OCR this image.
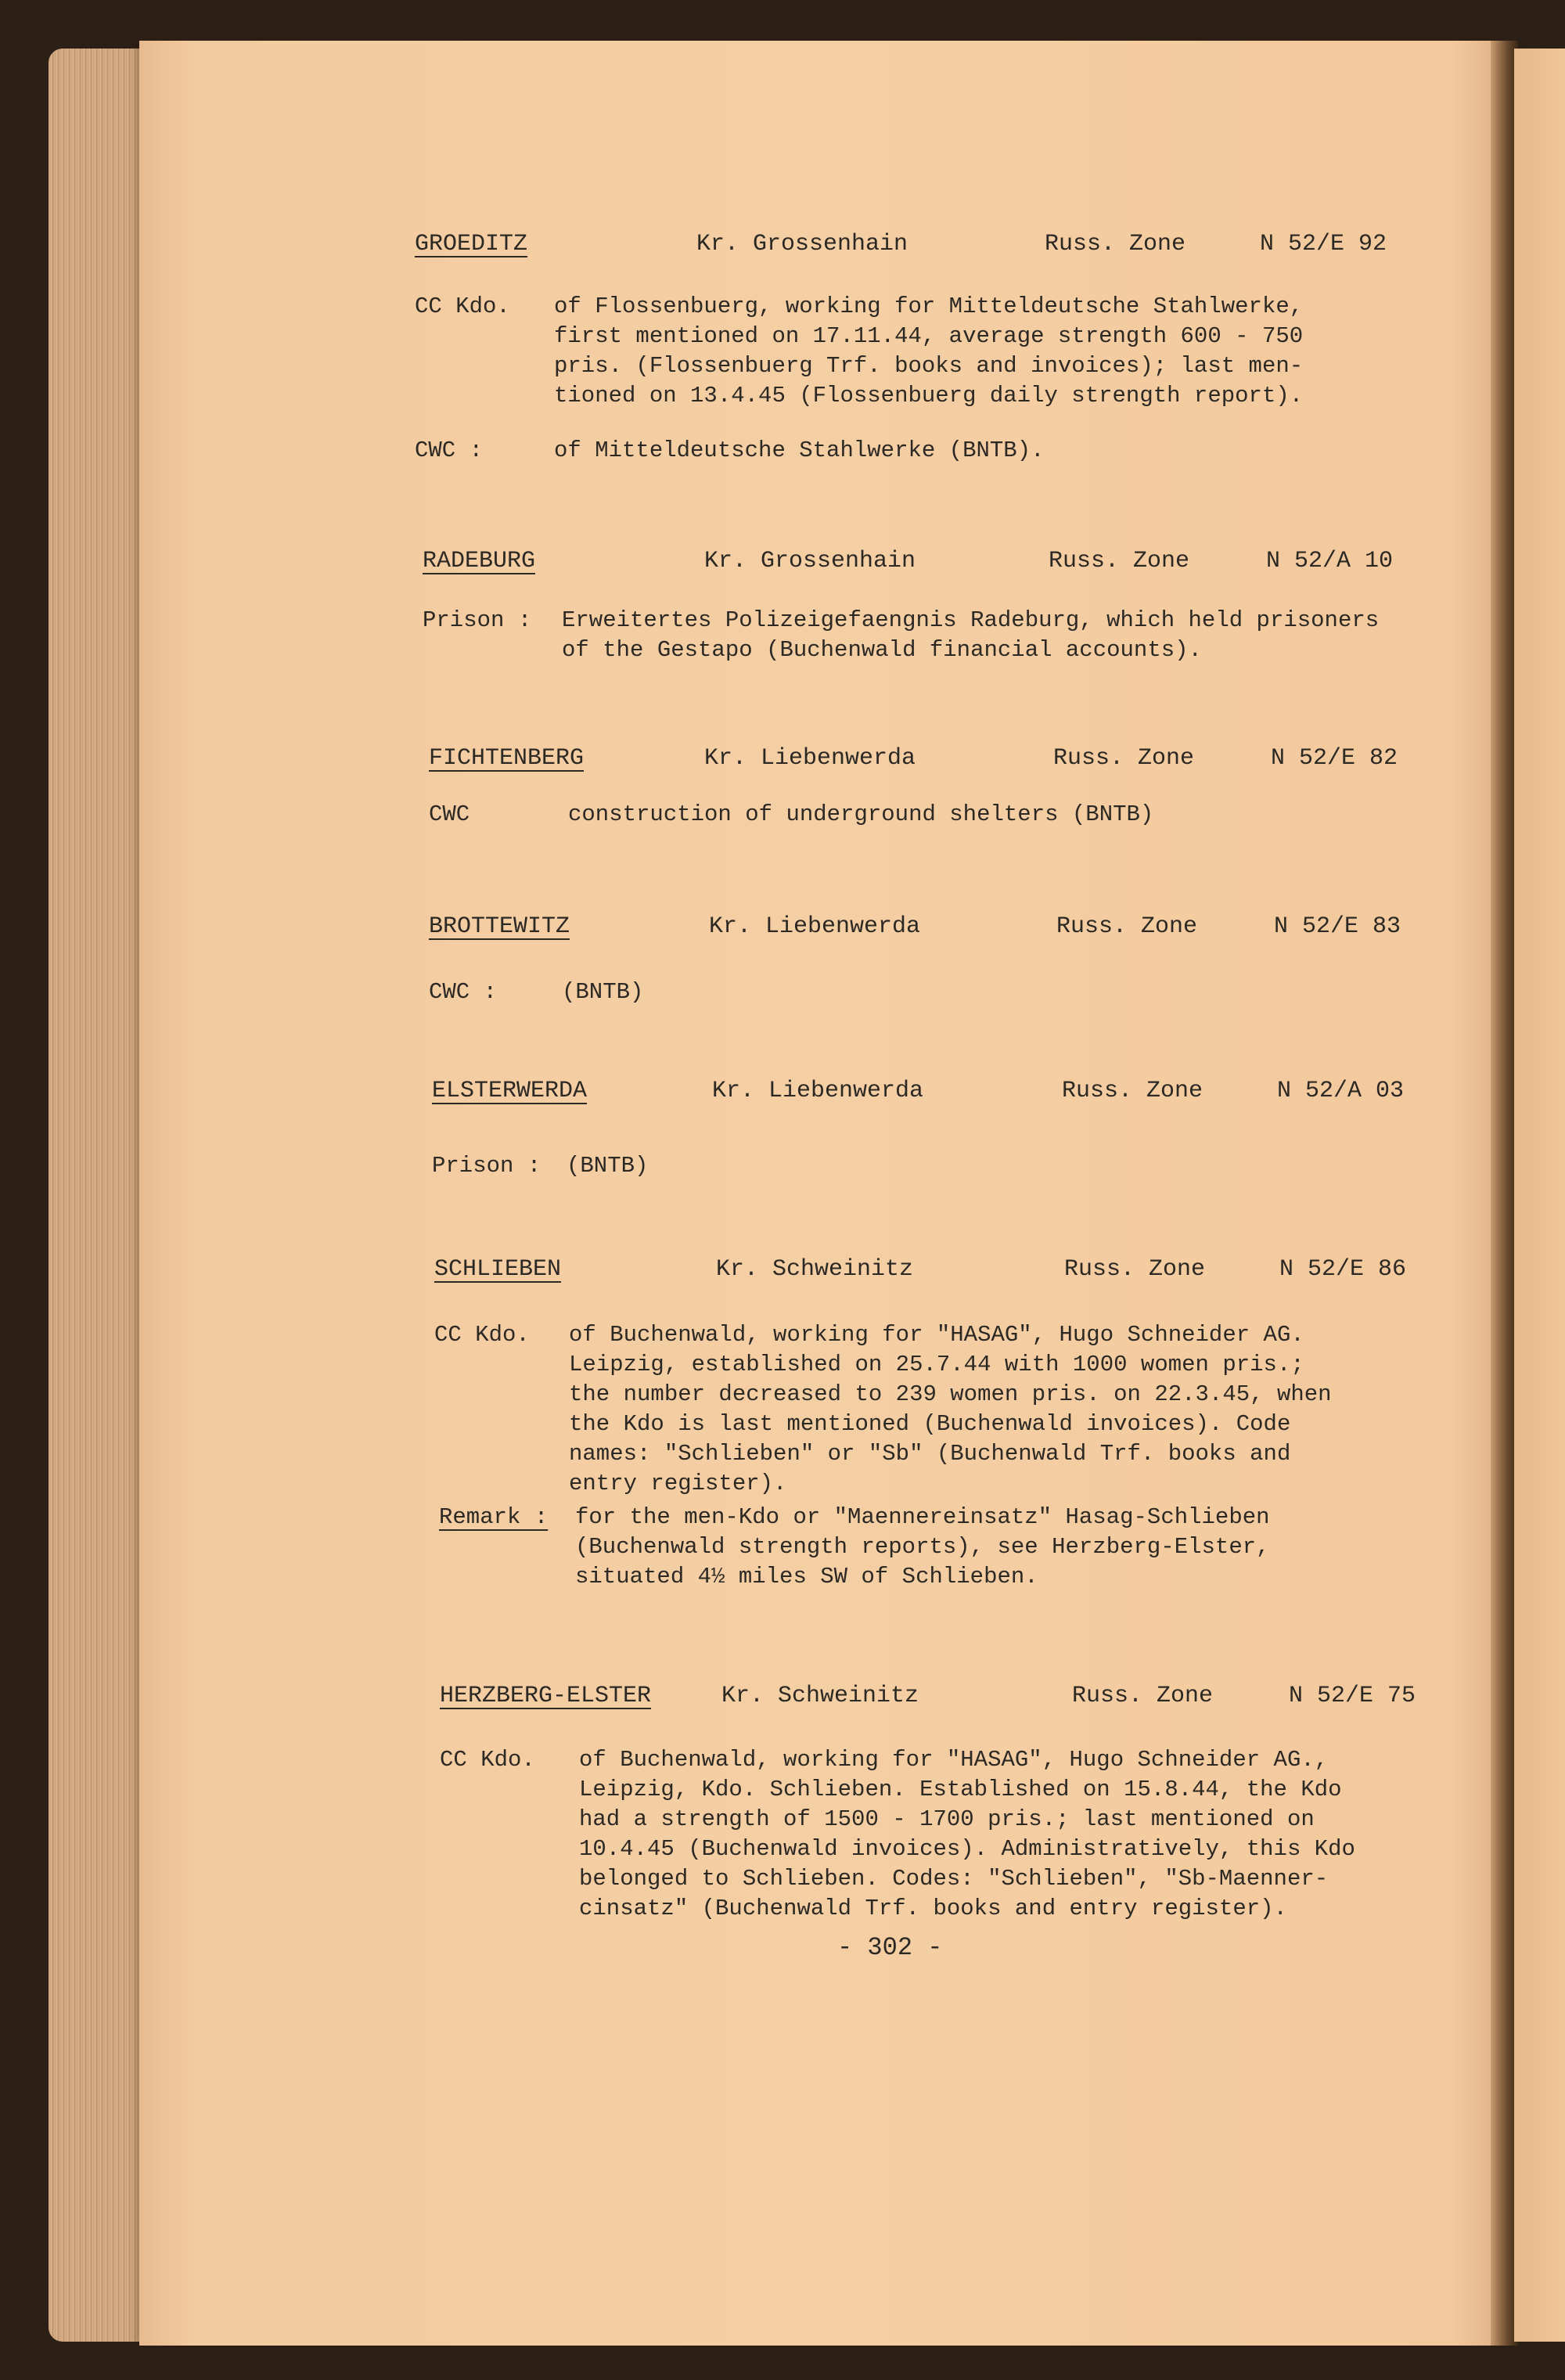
GROEDITZ	Kr. Grossenhain	Russ. Zone	N 52/E 92
CC Kdo. of Flossenbuerg, working for Mitteldeutsche Stahlwerke,
first mentioned on 17.11.44, average strength 600 - 750
pris. (Flossenbuerg Trf. books and invoices); last men-
tioned on 13.4.45 (Flossenbuerg daily strength report).
CWC :	of Mitteldeutsche Stahlwerke (BNTB).
RADEBURG	Kr. Grossenhain	Russ. Zone	N 52/A 10
Prison : Erweitertes Polizeigefaengnis Radeburg, which held prisoners
of the Gestapo (Buchenwald financial accounts).
FICHTENBERG	Kr. Liebenwerda	Russ. Zone	N 52/E 82
CWC	construction of underground shelters (BNTB)
BROTTEWITZ	Kr. Liebenwerda	Russ. Zone	N 52/E 83
CWC :	(BNTB)
ELSTERWERDA	Kr. Liebenwerda	Russ. Zone	N 52/A 03
Prison : (BNTB)
SCHLIEBEN	Kr. Schweinitz	Russ. Zone	N 52/E 86
CC Kdo. of Buchenwald, working for "HASAG", Hugo Schneider AG.
Leipzig, established on 25.7.44 with 1000 women pris.;
the number decreased to 239 women pris. on 22.3.45, when
the Kdo is last mentioned (Buchenwald invoices). Code
names: "Schlieben" or "Sb" (Buchenwald Trf. books and
entry register).
Remark : for the men-Kdo or "Maennereinsatz" Hasag-Schlieben
(Buchenwald strength reports), see Herzberg-Elster,
situated 4½ miles SW of Schlieben.
HERZBERG-ELSTER	Kr. Schweinitz	Russ. Zone	N 52/E 75
CC Kdo. of Buchenwald, working for "HASAG", Hugo Schneider AG.,
Leipzig, Kdo. Schlieben. Established on 15.8.44, the Kdo
had a strength of 1500 - 1700 pris.; last mentioned on
10.4.45 (Buchenwald invoices). Administratively, this Kdo
belonged to Schlieben. Codes: "Schlieben", "Sb-Maenner-
cinsatz" (Buchenwald Trf. books and entry register).
- 302 -
